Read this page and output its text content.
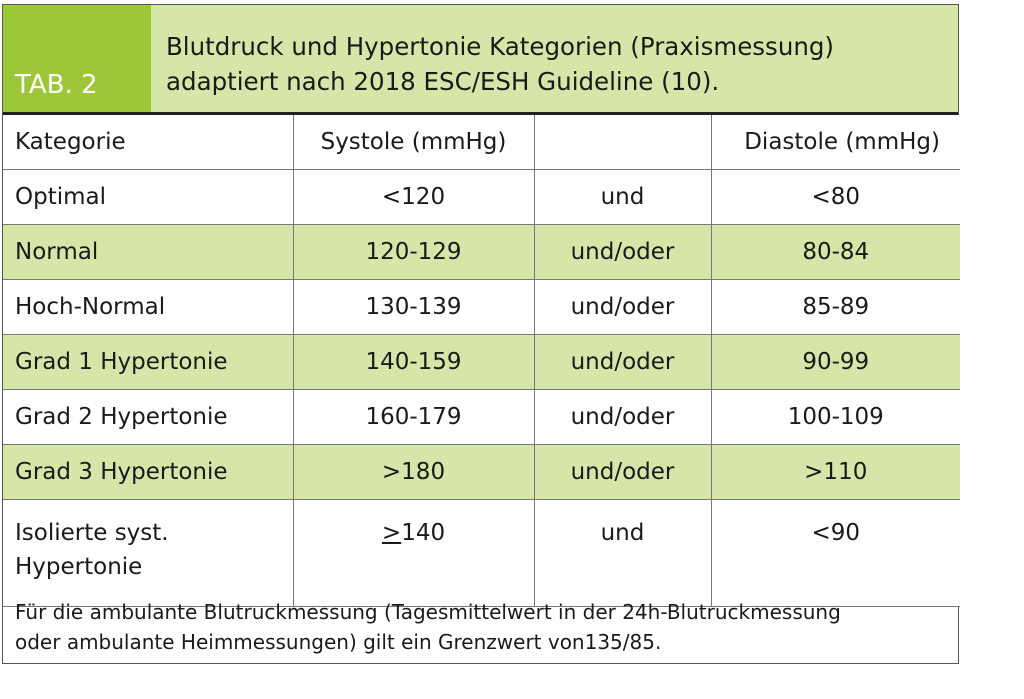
TAB. 2
Blutdruck und Hypertonie Kategorien (Praxismessung)
adaptiert nach 2018 ESC/ESH Guideline (10).
Kategorie	Systole (mmHg)		Diastole (mmHg)
Optimal	<120	und	<80
Normal	120-129	und/oder	80-84
Hoch-Normal	130-139	und/oder	85-89
Grad 1 Hypertonie	140-159	und/oder	90-99
Grad 2 Hypertonie	160-179	und/oder	100-109
Grad 3 Hypertonie	>180	und/oder	>110

Isolierte syst.
Hypertonie	≥140	und	<90
Für die ambulante Blutruckmessung (Tagesmittelwert in der 24h-Blutruckmessung
oder ambulante Heimmessungen) gilt ein Grenzwert von135/85.
